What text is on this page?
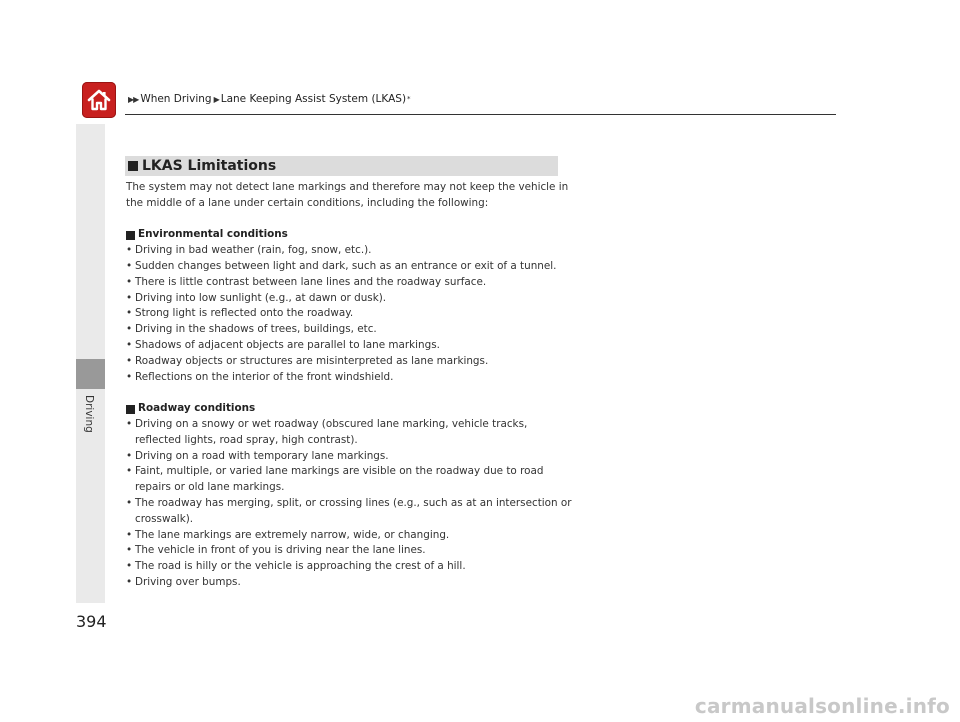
▶▶ When Driving ▶ Lane Keeping Assist System (LKAS) *
Driving
LKAS Limitations

The system may not detect lane markings and therefore may not keep the vehicle in the middle of a lane under certain conditions, including the following:

Environmental conditions
• Driving in bad weather (rain, fog, snow, etc.).
• Sudden changes between light and dark, such as an entrance or exit of a tunnel.
• There is little contrast between lane lines and the roadway surface.
• Driving into low sunlight (e.g., at dawn or dusk).
• Strong light is reflected onto the roadway.
• Driving in the shadows of trees, buildings, etc.
• Shadows of adjacent objects are parallel to lane markings.
• Roadway objects or structures are misinterpreted as lane markings.
• Reflections on the interior of the front windshield.
Roadway conditions
• Driving on a snowy or wet roadway (obscured lane marking, vehicle tracks, reflected lights, road spray, high contrast).
• Driving on a road with temporary lane markings.
• Faint, multiple, or varied lane markings are visible on the roadway due to road repairs or old lane markings.
• The roadway has merging, split, or crossing lines (e.g., such as at an intersection or crosswalk).
• The lane markings are extremely narrow, wide, or changing.
• The vehicle in front of you is driving near the lane lines.
• The road is hilly or the vehicle is approaching the crest of a hill.
• Driving over bumps.
394
carmanualsonline.info
